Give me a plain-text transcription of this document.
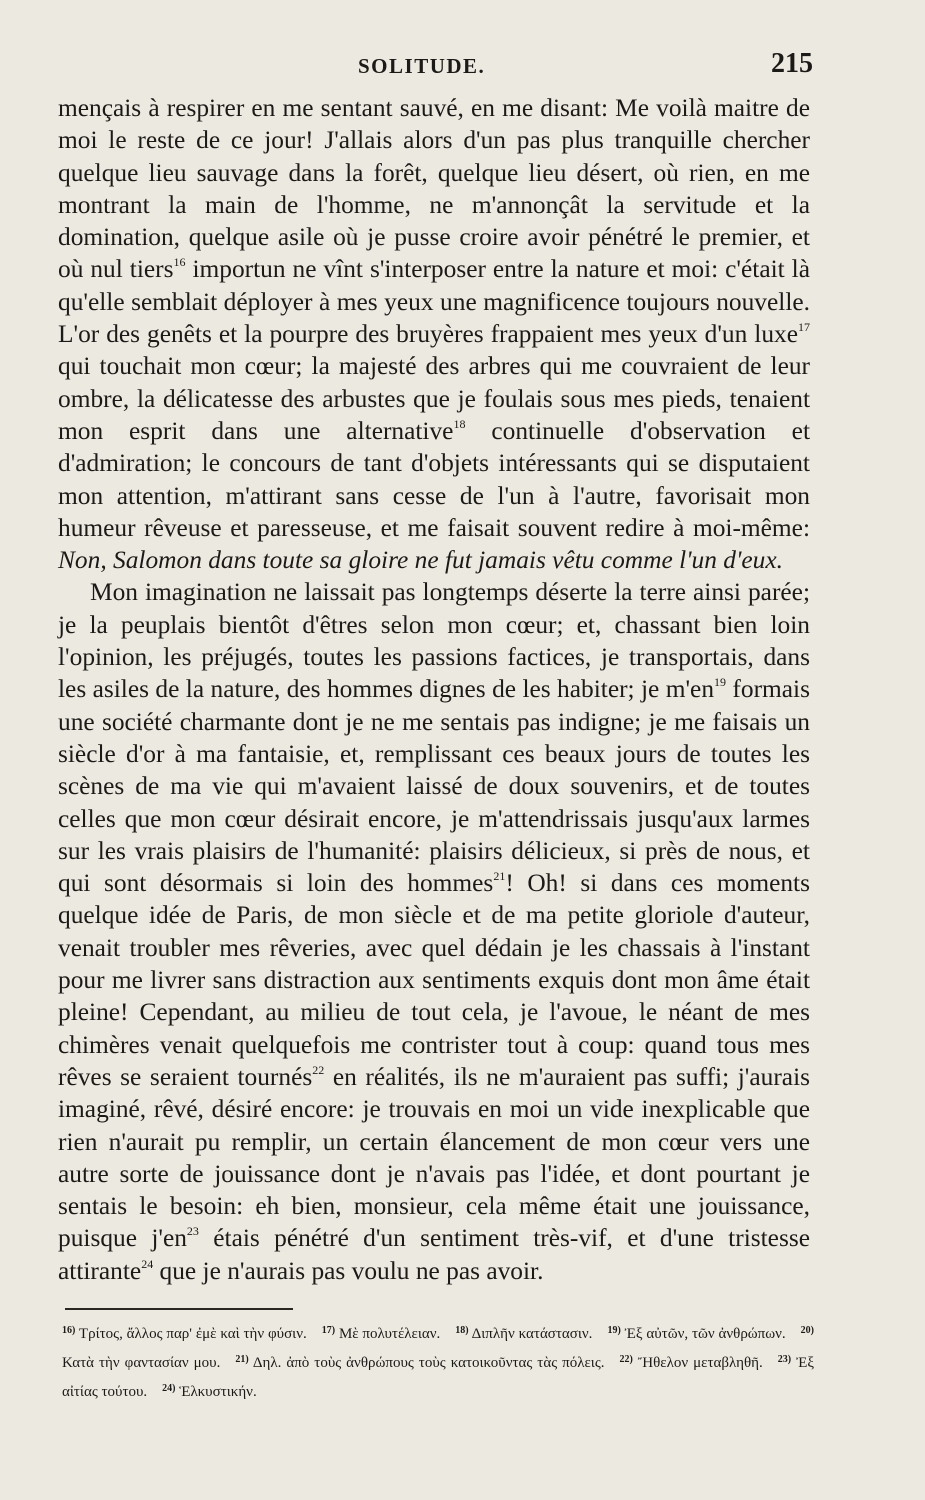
SOLITUDE.	215

mençais à respirer en me sentant sauvé, en me disant: Me voilà maitre de moi le reste de ce jour! J'allais alors d'un pas plus tranquille chercher quelque lieu sauvage dans la forêt, quelque lieu désert, où rien, en me montrant la main de l'homme, ne m'annonçât la servitude et la domination, quelque asile où je pusse croire avoir pénétré le premier, et où nul tiers$^{16}$ importun ne vînt s'interposer entre la nature et moi: c'était là qu'elle semblait déployer à mes yeux une magnificence toujours nouvelle. L'or des genêts et la pourpre des bruyères frappaient mes yeux d'un luxe$^{17}$ qui touchait mon cœur; la majesté des arbres qui me couvraient de leur ombre, la délicatesse des arbustes que je foulais sous mes pieds, tenaient mon esprit dans une alternative$^{18}$ continuelle d'observation et d'admiration; le concours de tant d'objets intéressants qui se disputaient mon attention, m'attirant sans cesse de l'un à l'autre, favorisait mon humeur rêveuse et paresseuse, et me faisait souvent redire à moi-même: Non, Salomon dans toute sa gloire ne fut jamais vêtu comme l'un d'eux.

Mon imagination ne laissait pas longtemps déserte la terre ainsi parée; je la peuplais bientôt d'êtres selon mon cœur; et, chassant bien loin l'opinion, les préjugés, toutes les passions factices, je transportais, dans les asiles de la nature, des hommes dignes de les habiter; je $m'en^{19}$ formais une société charmante dont je ne me sentais pas indigne; je me faisais un siècle d'or à ma fantaisie, et, remplissant ces beaux jours de toutes les scènes de ma vie qui m'avaient laissé de doux souvenirs, et de toutes celles que mon cœur désirait encore, je m'attendrissais jusqu'aux larmes sur les vrais plaisirs de l'humanité: plaisirs délicieux, si près de nous, et qui sont désormais si loin des hommes$^{21}$! Oh! si dans ces moments quelque idée de Paris, de mon siècle et de ma petite gloriole d'auteur, venait troubler mes rêveries, avec quel dédain je les chassais à l'instant pour me livrer sans distraction aux sentiments exquis dont mon âme était pleine! Cependant, au milieu de tout cela, je l'avoue, le néant de mes chimères venait quelquefois me contrister tout à coup: quand tous mes rêves se seraient tournés$^{22}$ en réalités, ils ne m'auraient pas suffi; j'aurais imaginé, rêvé, désiré encore: je trouvais en moi un vide inexplicable que rien n'aurait pu remplir, un certain élancement de mon cœur vers une autre sorte de jouissance dont je n'avais pas l'idée, et dont pourtant je sentais le besoin: eh bien, monsieur, cela même était une jouissance, puisque $j'en^{23}$ étais pénétré d'un sentiment très-vif, et d'une tristesse attirante$^{24}$ que je n'aurais pas voulu ne pas avoir.

$^{16)}$ Τρίτος, ἄλλος παρ' ἐμὲ καὶ τὴν φύσιν.  $^{17)}$ Μὲ πολυτέλειαν.  $^{18)}$ Διπλῆν κατάστασιν.  $^{19)}$ Ἐξ αὐτῶν, τῶν ἀνθρώπων.  $^{20)}$ Κατὰ τὴν φαντασίαν μου.  $^{21)}$ Δηλ. ἀπὸ τοὺς ἀνθρώπους τοὺς κατοικοῦντας τὰς πόλεις.  $^{22)}$ Ἤθελον μεταβληθῆ.  $^{23)}$ Ἐξ αἰτίας τούτου.  $^{24)}$ Ἑλκυστικήν. 
